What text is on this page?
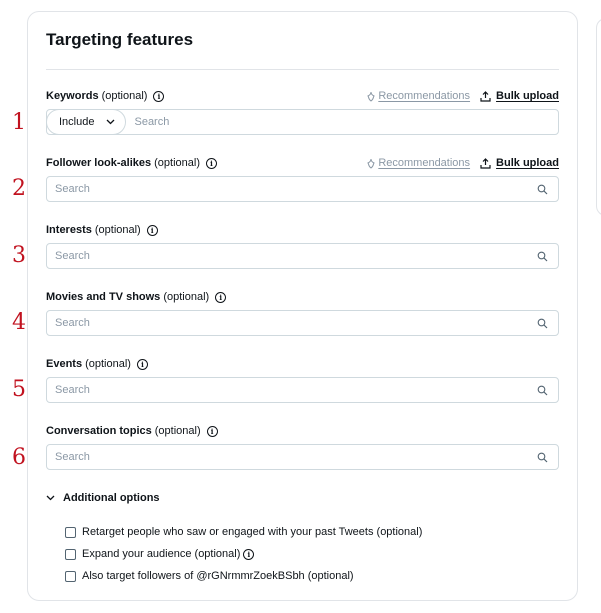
1
2
3
4
5
6
Targeting features
Keywords (optional)	i	Recommendations Bulk upload
Include
Search
Follower look-alikes (optional)	i	Recommendations Bulk upload
Search
Interests (optional)	i
Search
Movies and TV shows (optional)	i
Search
Events (optional)	i
Search
Conversation topics (optional)	i
Search
Additional options
Retarget people who saw or engaged with your past Tweets (optional)
Expand your audience (optional)	i
Also target followers of @rGNrmmrZoekBSbh (optional)
